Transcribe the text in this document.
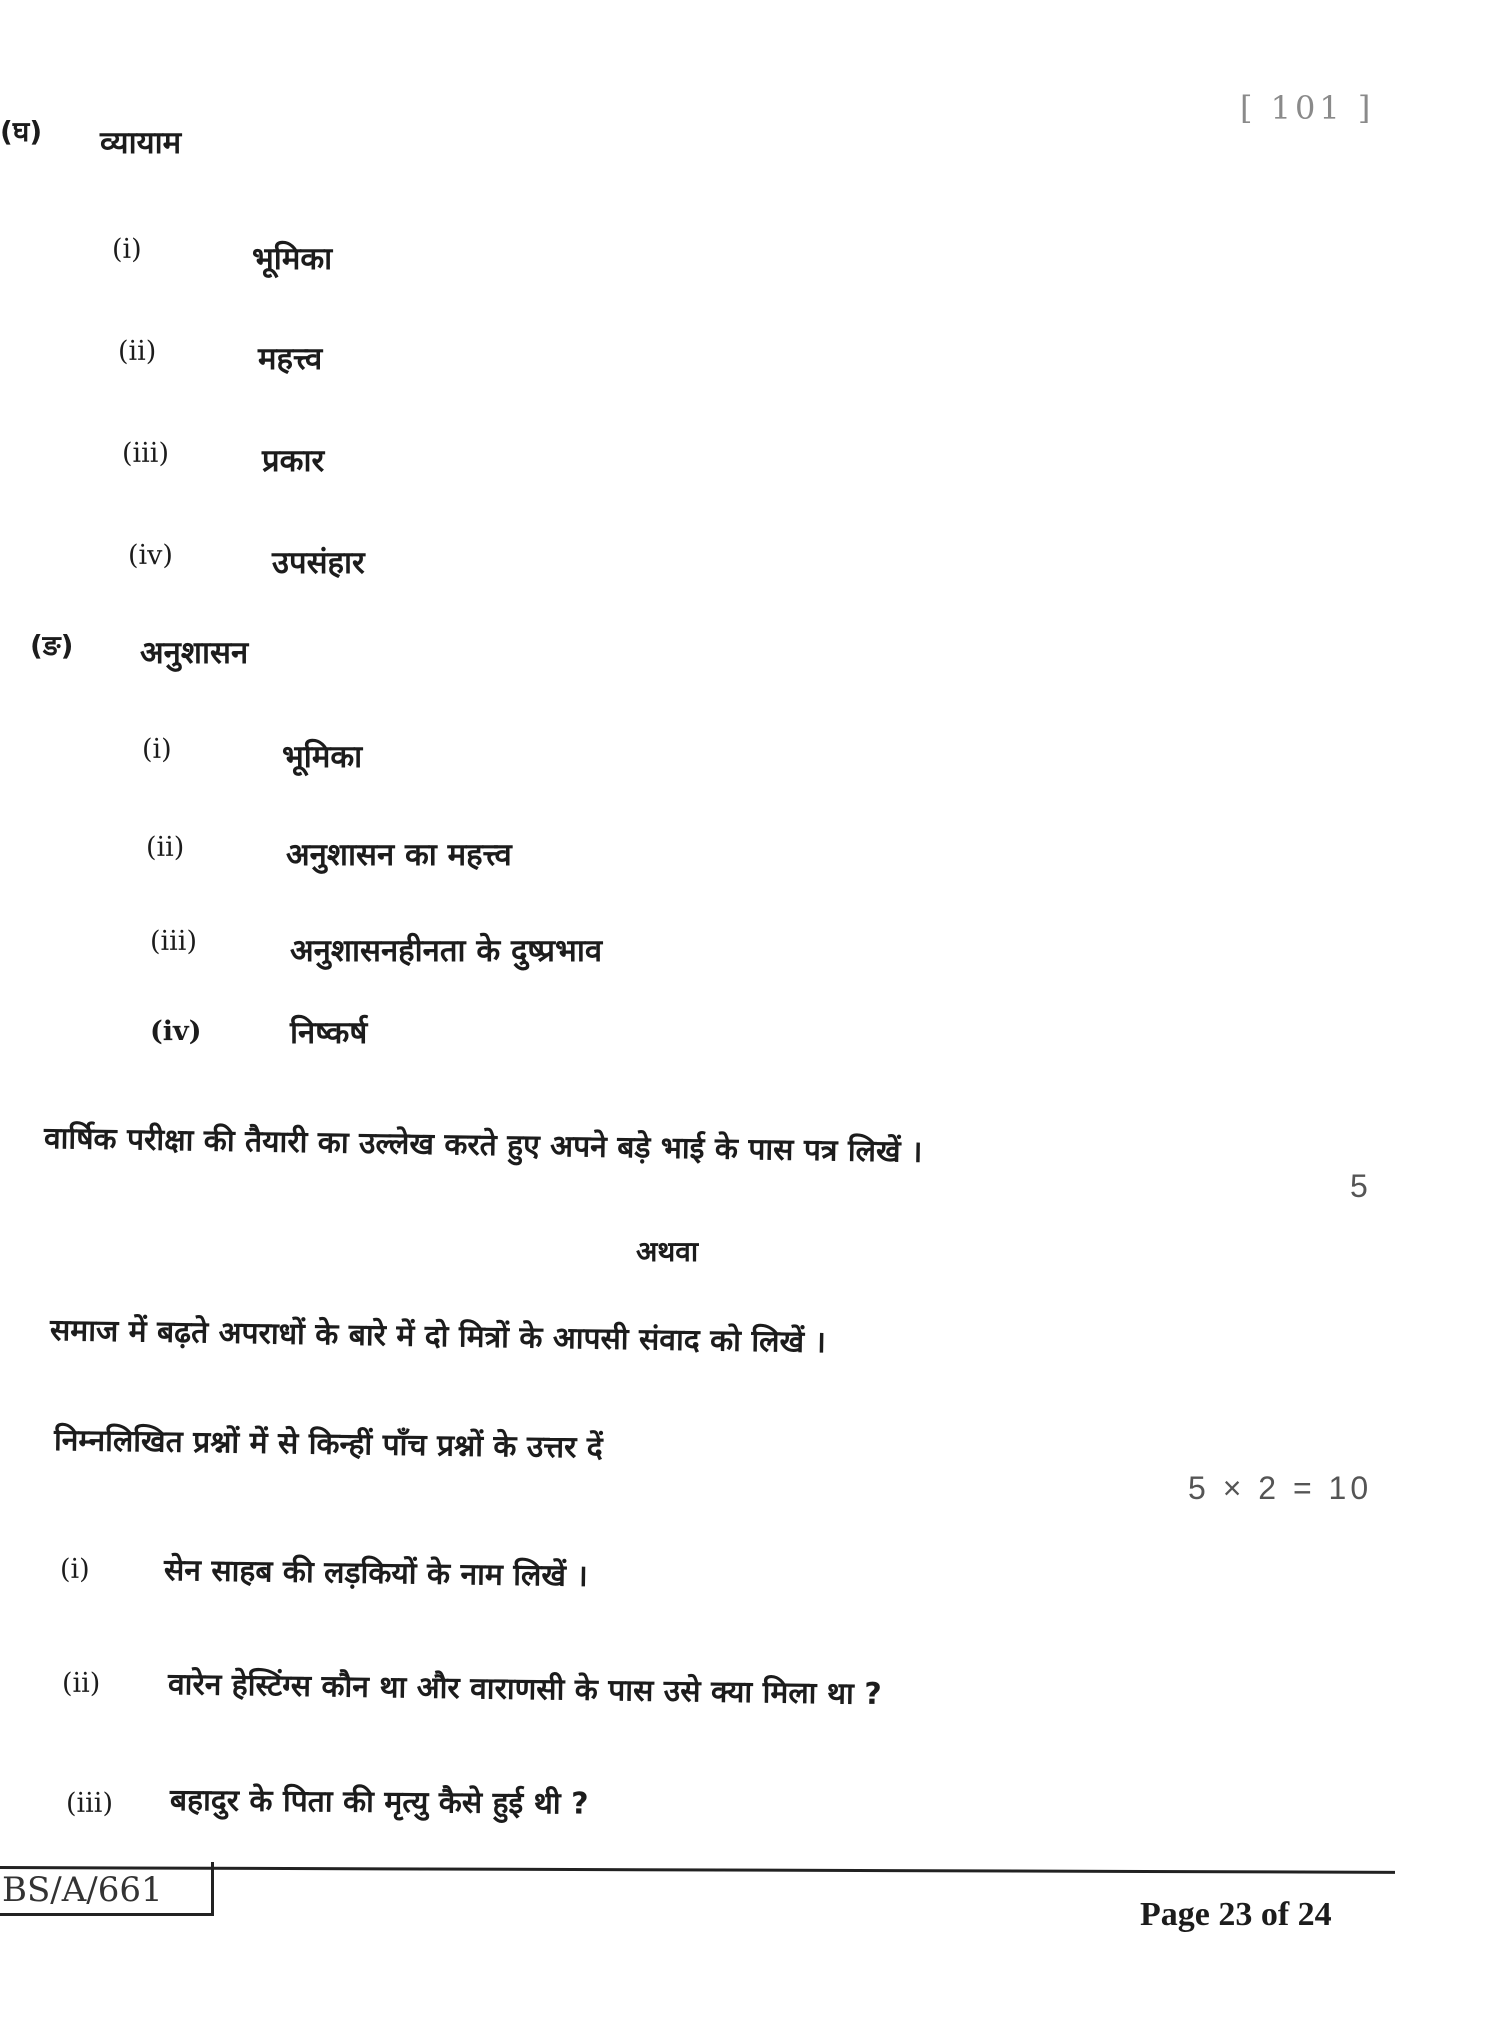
[ 101 ]
(घ) व्यायाम
(i)	भूमिका
(ii)	महत्त्व
(iii)	प्रकार
(iv)	उपसंहार
(ङ) अनुशासन
(i)	भूमिका
(ii)	अनुशासन का महत्त्व
(iii)	अनुशासनहीनता के दुष्प्रभाव
(iv)	निष्कर्ष
वार्षिक परीक्षा की तैयारी का उल्लेख करते हुए अपने बड़े भाई के पास पत्र लिखें ।
5
अथवा
समाज में बढ़ते अपराधों के बारे में दो मित्रों के आपसी संवाद को लिखें ।
निम्नलिखित प्रश्नों में से किन्हीं पाँच प्रश्नों के उत्तर दें
5 × 2 = 10
(i) सेन साहब की लड़कियों के नाम लिखें ।
(ii) वारेन हेस्टिंग्स कौन था और वाराणसी के पास उसे क्या मिला था ?
(iii) बहादुर के पिता की मृत्यु कैसे हुई थी ?
BS/A/661
Page 23 of 24
